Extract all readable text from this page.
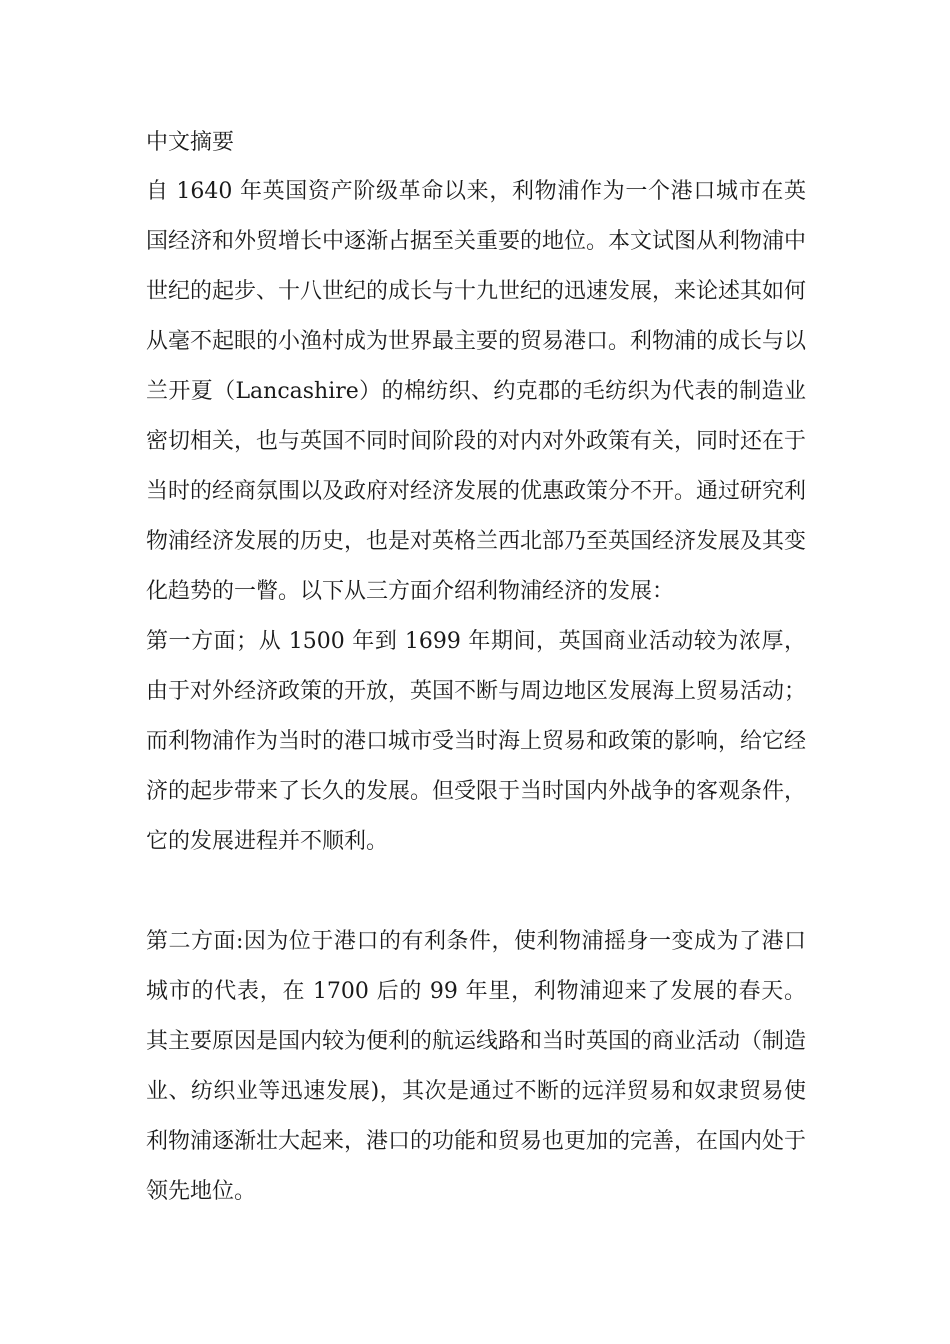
中文摘要

自 1640 年英国资产阶级革命以来，利物浦作为一个港口城市在英国经济和外贸增长中逐渐占据至关重要的地位。本文试图从利物浦中世纪的起步、十八世纪的成长与十九世纪的迅速发展，来论述其如何从毫不起眼的小渔村成为世界最主要的贸易港口。利物浦的成长与以兰开夏（Lancashire）的棉纺织、约克郡的毛纺织为代表的制造业密切相关，也与英国不同时间阶段的对内对外政策有关，同时还在于当时的经商氛围以及政府对经济发展的优惠政策分不开。通过研究利物浦经济发展的历史，也是对英格兰西北部乃至英国经济发展及其变化趋势的一瞥。以下从三方面介绍利物浦经济的发展：

第一方面；从 1500 年到 1699 年期间，英国商业活动较为浓厚，由于对外经济政策的开放，英国不断与周边地区发展海上贸易活动；而利物浦作为当时的港口城市受当时海上贸易和政策的影响，给它经济的起步带来了长久的发展。但受限于当时国内外战争的客观条件，它的发展进程并不顺利。

第二方面:因为位于港口的有利条件，使利物浦摇身一变成为了港口城市的代表，在 1700 后的 99 年里，利物浦迎来了发展的春天。其主要原因是国内较为便利的航运线路和当时英国的商业活动（制造业、纺织业等迅速发展)，其次是通过不断的远洋贸易和奴隶贸易使利物浦逐渐壮大起来，港口的功能和贸易也更加的完善，在国内处于领先地位。
